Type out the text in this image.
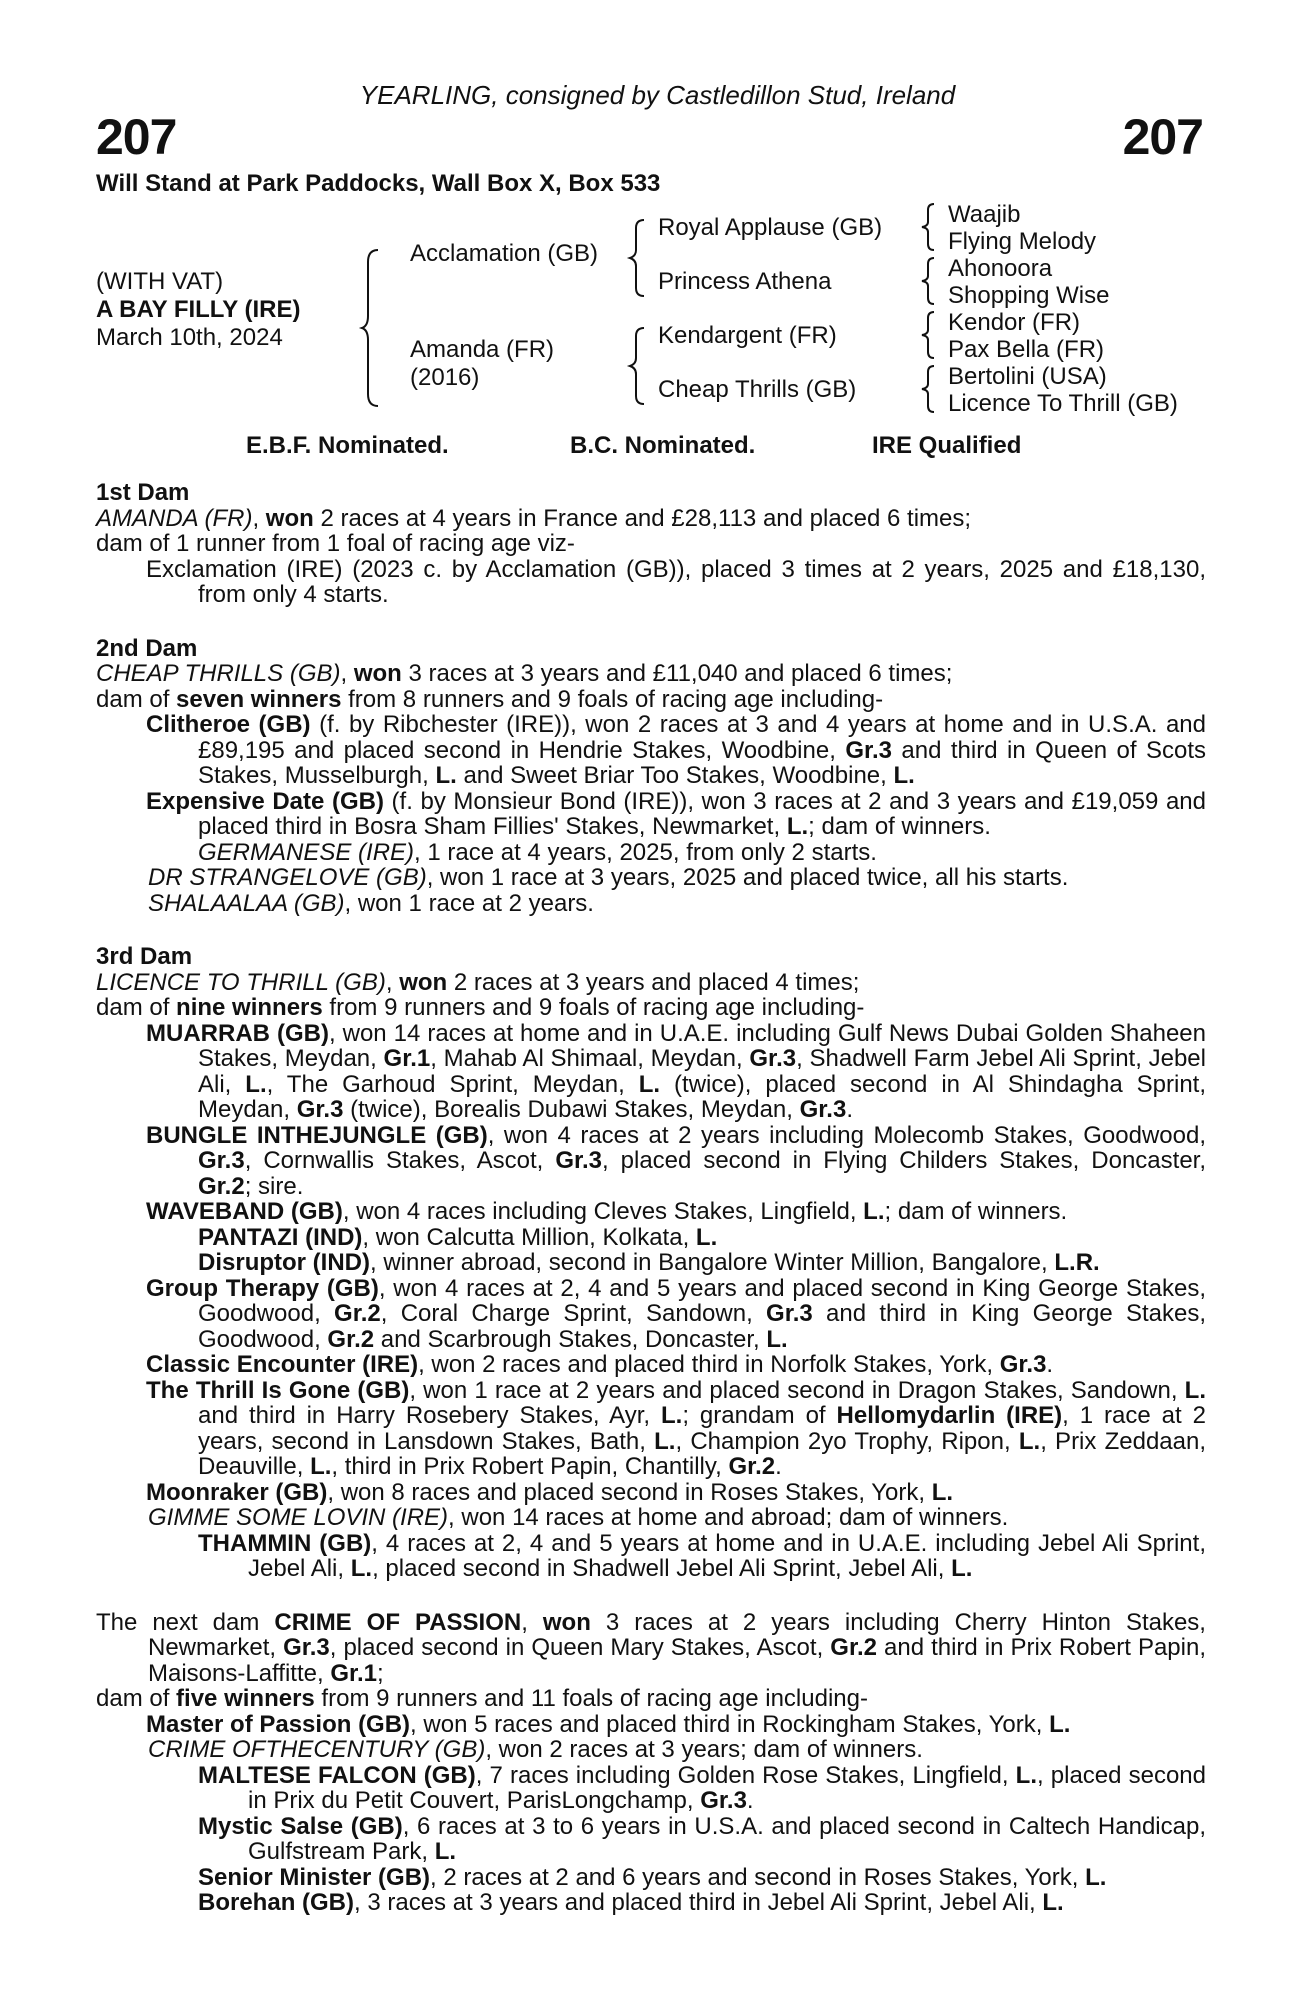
YEARLING, consigned by Castledillon Stud, Ireland
207	207
Will Stand at Park Paddocks, Wall Box X, Box 533
(WITH VAT)
A BAY FILLY (IRE)
March 10th, 2024
Acclamation (GB)
Amanda (FR)
(2016)
Royal Applause (GB)
Princess Athena
Kendargent (FR)
Cheap Thrills (GB)
Waajib
Flying Melody
Ahonoora
Shopping Wise
Kendor (FR)
Pax Bella (FR)
Bertolini (USA)
Licence To Thrill (GB)
E.B.F. Nominated.	B.C. Nominated.	IRE Qualified

1st Dam

AMANDA (FR), won 2 races at 4 years in France and £28,113 and placed 6 times;

dam of 1 runner from 1 foal of racing age viz-

Exclamation (IRE) (2023 c. by Acclamation (GB)), placed 3 times at 2 years, 2025 and £18,130, from only 4 starts.

2nd Dam

CHEAP THRILLS (GB), won 3 races at 3 years and £11,040 and placed 6 times;

dam of seven winners from 8 runners and 9 foals of racing age including-

Clitheroe (GB) (f. by Ribchester (IRE)), won 2 races at 3 and 4 years at home and in U.S.A. and £89,195 and placed second in Hendrie Stakes, Woodbine, Gr.3 and third in Queen of Scots Stakes, Musselburgh, L. and Sweet Briar Too Stakes, Woodbine, L.

Expensive Date (GB) (f. by Monsieur Bond (IRE)), won 3 races at 2 and 3 years and £19,059 and placed third in Bosra Sham Fillies' Stakes, Newmarket, L.; dam of winners.

GERMANESE (IRE), 1 race at 4 years, 2025, from only 2 starts.

DR STRANGELOVE (GB), won 1 race at 3 years, 2025 and placed twice, all his starts.

SHALAALAA (GB), won 1 race at 2 years.

3rd Dam

LICENCE TO THRILL (GB), won 2 races at 3 years and placed 4 times;

dam of nine winners from 9 runners and 9 foals of racing age including-

MUARRAB (GB), won 14 races at home and in U.A.E. including Gulf News Dubai Golden Shaheen Stakes, Meydan, Gr.1, Mahab Al Shimaal, Meydan, Gr.3, Shadwell Farm Jebel Ali Sprint, Jebel Ali, L., The Garhoud Sprint, Meydan, L. (twice), placed second in Al Shindagha Sprint, Meydan, Gr.3 (twice), Borealis Dubawi Stakes, Meydan, Gr.3.

BUNGLE INTHEJUNGLE (GB), won 4 races at 2 years including Molecomb Stakes, Goodwood, Gr.3, Cornwallis Stakes, Ascot, Gr.3, placed second in Flying Childers Stakes, Doncaster, Gr.2; sire.

WAVEBAND (GB), won 4 races including Cleves Stakes, Lingfield, L.; dam of winners.

PANTAZI (IND), won Calcutta Million, Kolkata, L.

Disruptor (IND), winner abroad, second in Bangalore Winter Million, Bangalore, L.R.

Group Therapy (GB), won 4 races at 2, 4 and 5 years and placed second in King George Stakes, Goodwood, Gr.2, Coral Charge Sprint, Sandown, Gr.3 and third in King George Stakes, Goodwood, Gr.2 and Scarbrough Stakes, Doncaster, L.

Classic Encounter (IRE), won 2 races and placed third in Norfolk Stakes, York, Gr.3.

The Thrill Is Gone (GB), won 1 race at 2 years and placed second in Dragon Stakes, Sandown, L. and third in Harry Rosebery Stakes, Ayr, L.; grandam of Hellomydarlin (IRE), 1 race at 2 years, second in Lansdown Stakes, Bath, L., Champion 2yo Trophy, Ripon, L., Prix Zeddaan, Deauville, L., third in Prix Robert Papin, Chantilly, Gr.2.

Moonraker (GB), won 8 races and placed second in Roses Stakes, York, L.

GIMME SOME LOVIN (IRE), won 14 races at home and abroad; dam of winners.

THAMMIN (GB), 4 races at 2, 4 and 5 years at home and in U.A.E. including Jebel Ali Sprint, Jebel Ali, L., placed second in Shadwell Jebel Ali Sprint, Jebel Ali, L.

The next dam CRIME OF PASSION, won 3 races at 2 years including Cherry Hinton Stakes, Newmarket, Gr.3, placed second in Queen Mary Stakes, Ascot, Gr.2 and third in Prix Robert Papin, Maisons-Laffitte, Gr.1;

dam of five winners from 9 runners and 11 foals of racing age including-

Master of Passion (GB), won 5 races and placed third in Rockingham Stakes, York, L.

CRIME OFTHECENTURY (GB), won 2 races at 3 years; dam of winners.

MALTESE FALCON (GB), 7 races including Golden Rose Stakes, Lingfield, L., placed second in Prix du Petit Couvert, ParisLongchamp, Gr.3.

Mystic Salse (GB), 6 races at 3 to 6 years in U.S.A. and placed second in Caltech Handicap, Gulfstream Park, L.

Senior Minister (GB), 2 races at 2 and 6 years and second in Roses Stakes, York, L.

Borehan (GB), 3 races at 3 years and placed third in Jebel Ali Sprint, Jebel Ali, L.
